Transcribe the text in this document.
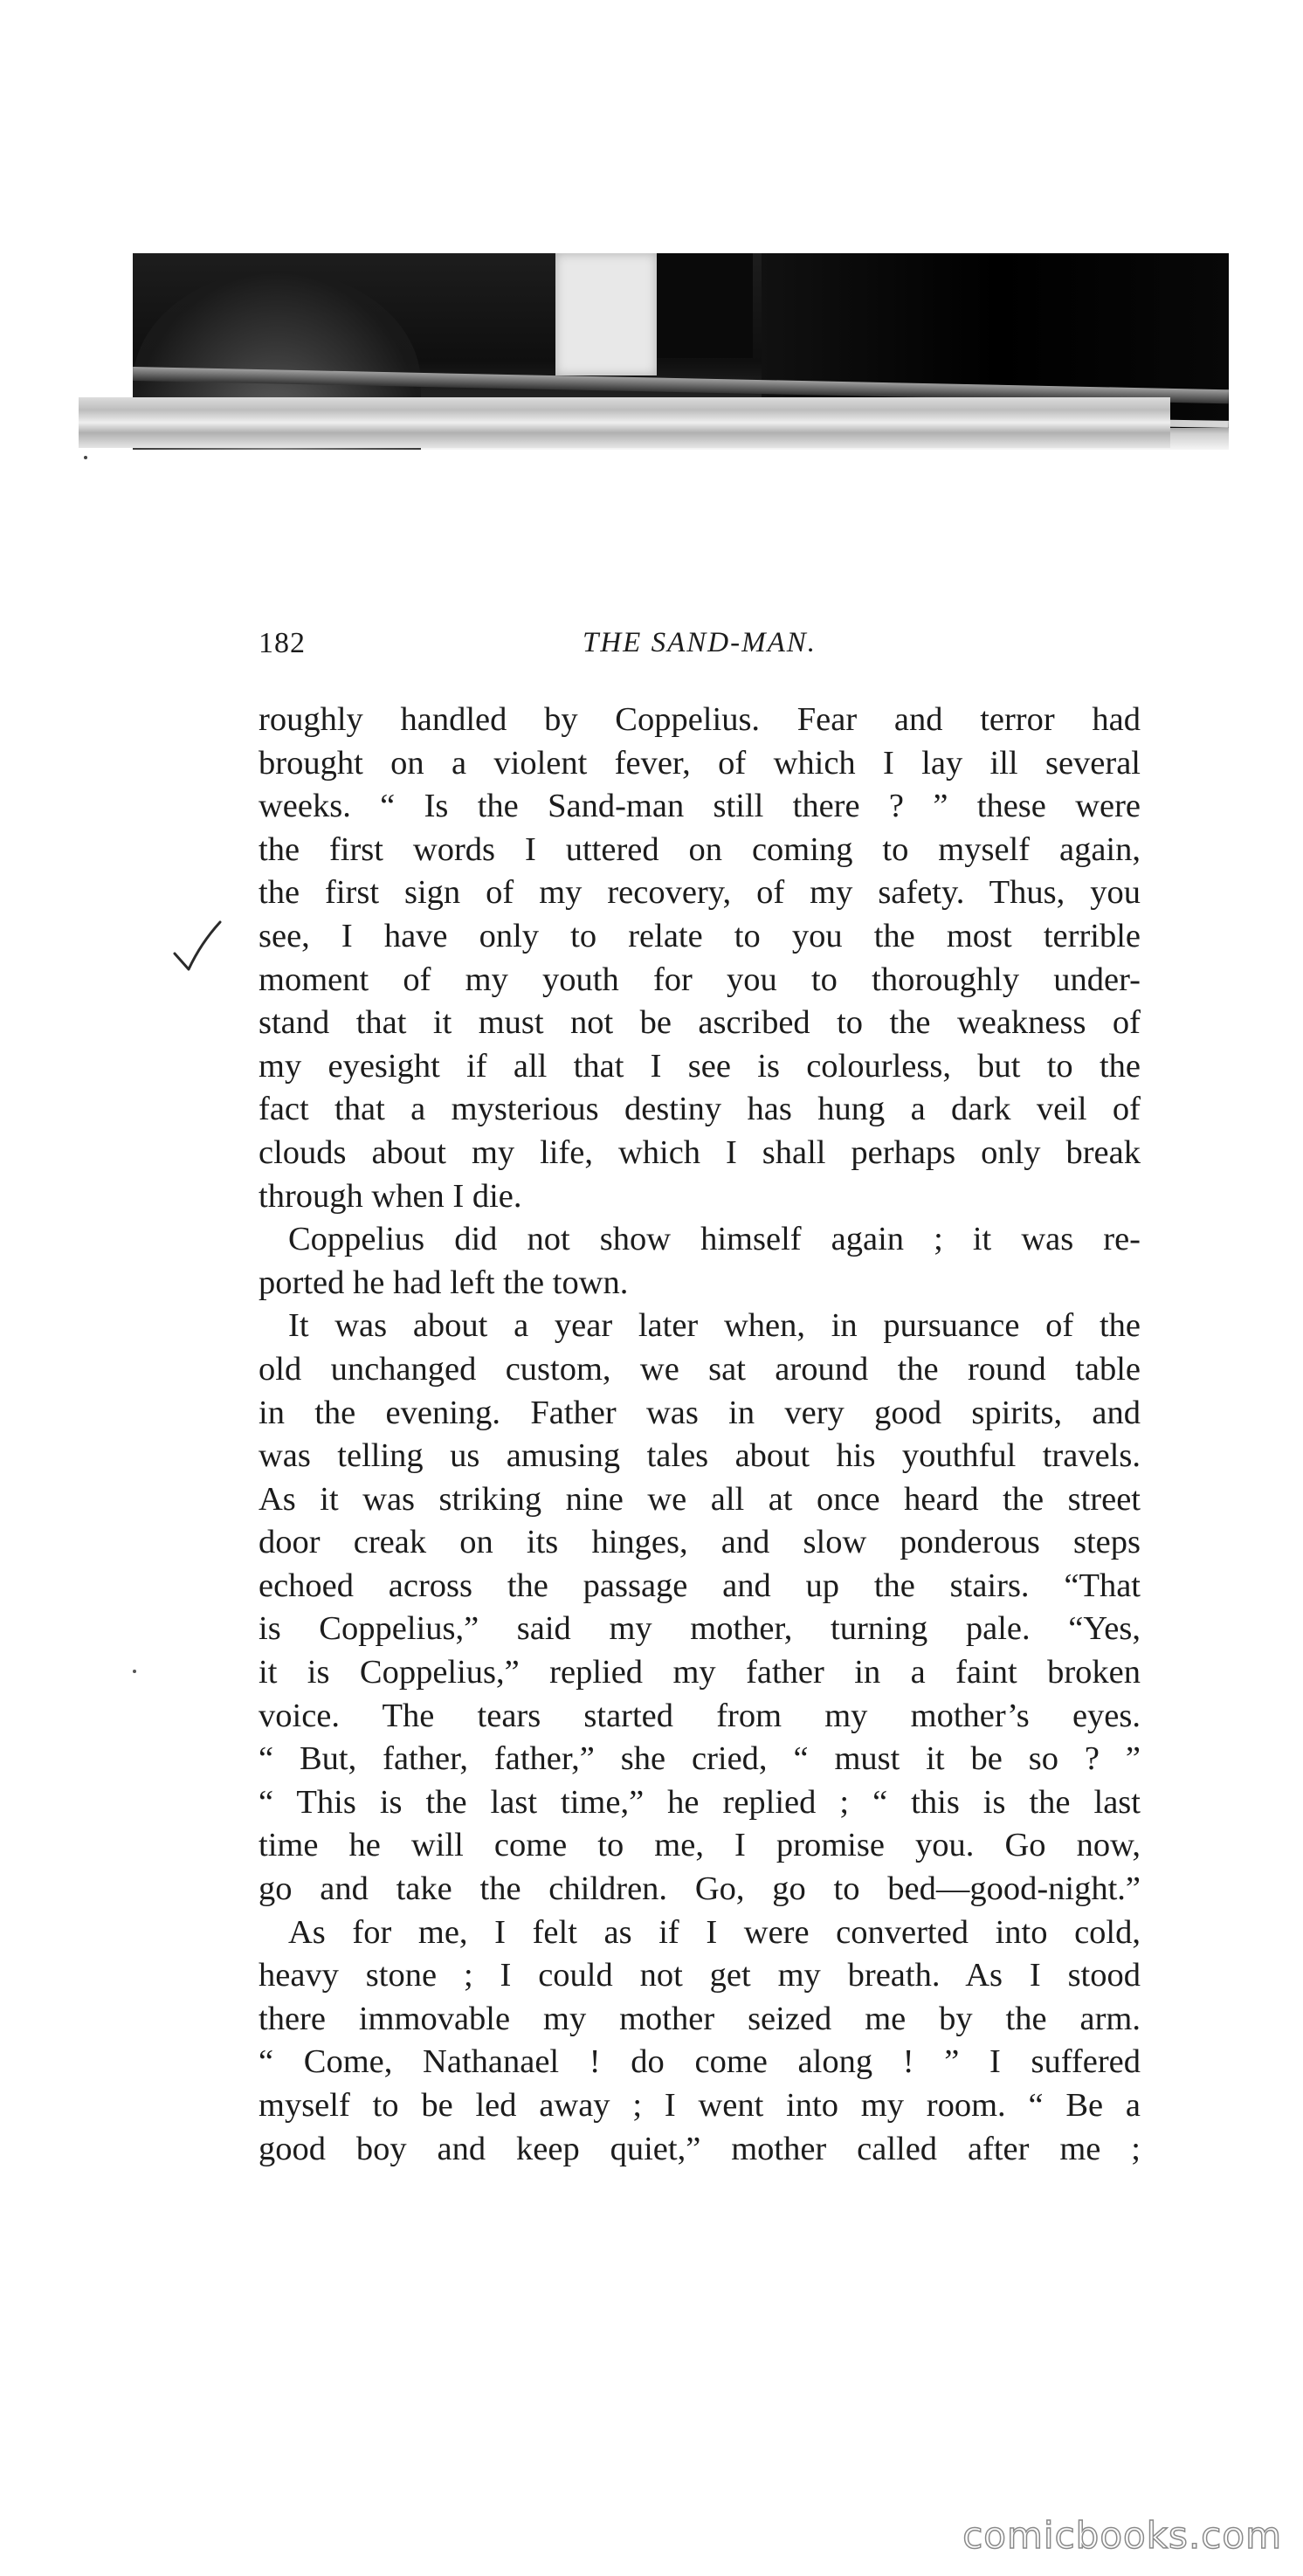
182	THE SAND-MAN.
roughly handled by Coppelius. Fear and terror had
brought on a violent fever, of which I lay ill several
weeks. “ Is the Sand-man still there ? ” these were
the first words I uttered on coming to myself again,
the first sign of my recovery, of my safety. Thus, you
see, I have only to relate to you the most terrible
moment of my youth for you to thoroughly under-
stand that it must not be ascribed to the weakness of
my eyesight if all that I see is colourless, but to the
fact that a mysterious destiny has hung a dark veil of
clouds about my life, which I shall perhaps only break
through when I die.
Coppelius did not show himself again ; it was re-
ported he had left the town.
It was about a year later when, in pursuance of the
old unchanged custom, we sat around the round table
in the evening. Father was in very good spirits, and
was telling us amusing tales about his youthful travels.
As it was striking nine we all at once heard the street
door creak on its hinges, and slow ponderous steps
echoed across the passage and up the stairs. “That
is Coppelius,” said my mother, turning pale. “Yes,
it is Coppelius,” replied my father in a faint broken
voice. The tears started from my mother’s eyes.
“ But, father, father,” she cried, “ must it be so ? ”
“ This is the last time,” he replied ; “ this is the last
time he will come to me, I promise you. Go now,
go and take the children. Go, go to bed—good-night.”
As for me, I felt as if I were converted into cold,
heavy stone ; I could not get my breath. As I stood
there immovable my mother seized me by the arm.
“ Come, Nathanael ! do come along ! ” I suffered
myself to be led away ; I went into my room. “ Be a
good boy and keep quiet,” mother called after me ;
comicbooks.com
